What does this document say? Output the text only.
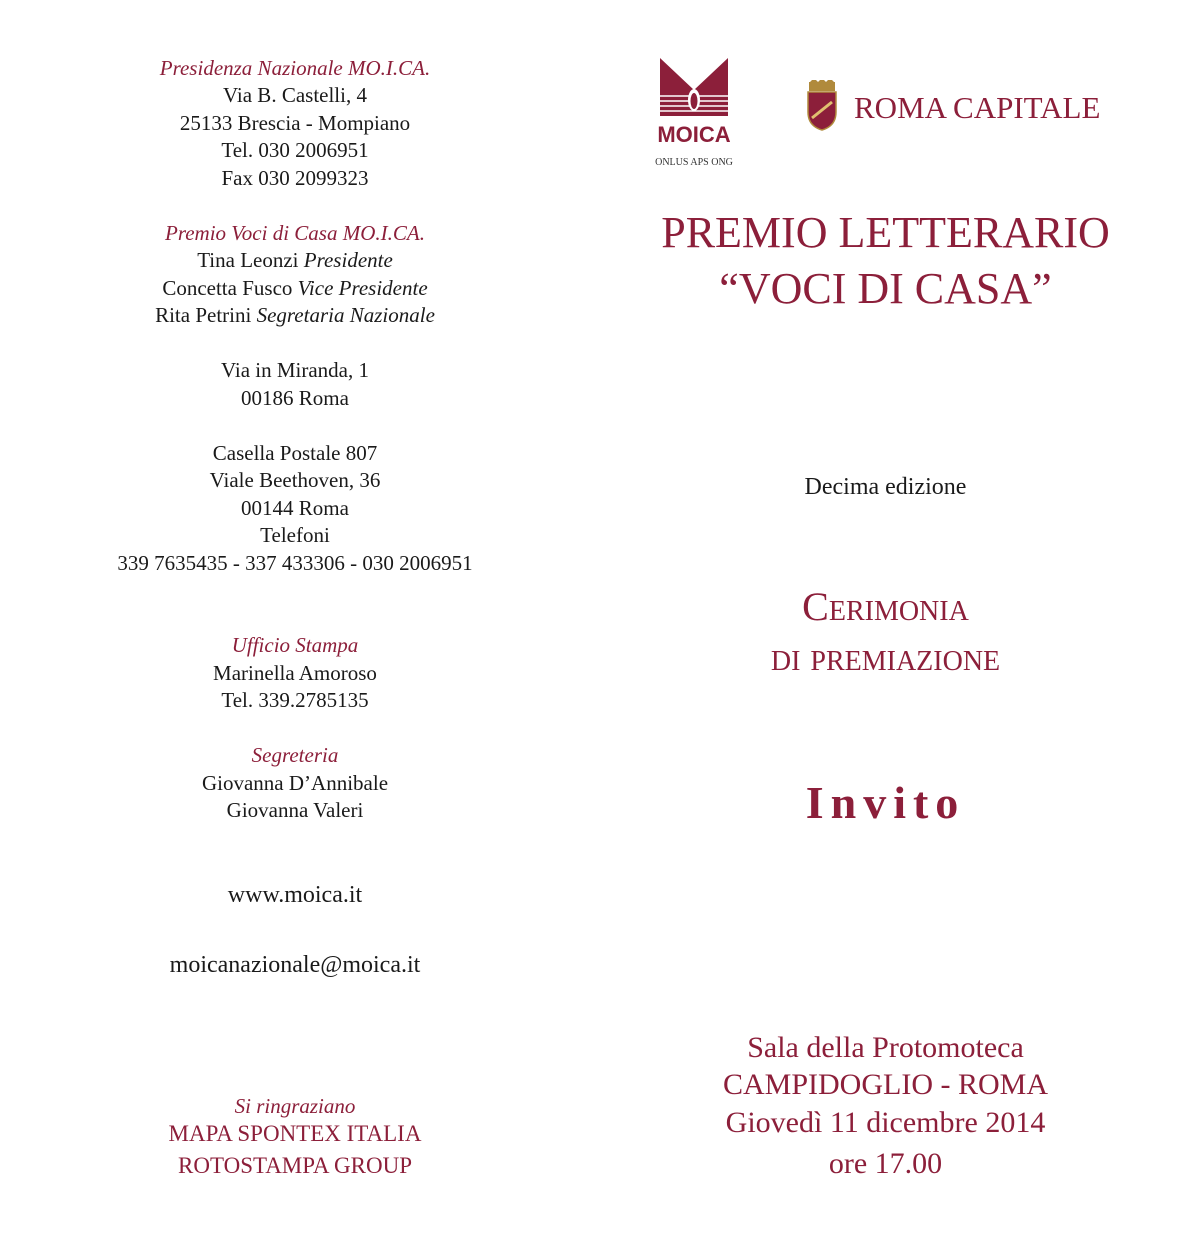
Presidenza Nazionale MO.I.CA.
Via B. Castelli, 4
25133 Brescia - Mompiano
Tel. 030 2006951
Fax 030 2099323
Premio Voci di Casa MO.I.CA.
Tina Leonzi Presidente
Concetta Fusco Vice Presidente
Rita Petrini Segretaria Nazionale
Via in Miranda, 1
00186 Roma
Casella Postale 807
Viale Beethoven, 36
00144 Roma
Telefoni
339 7635435 - 337 433306 - 030 2006951
Ufficio Stampa
Marinella Amoroso
Tel. 339.2785135
Segreteria
Giovanna D’Annibale
Giovanna Valeri
www.moica.it
moicanazionale@moica.it
Si ringraziano
MAPA SPONTEX ITALIA
ROTOSTAMPA GROUP
MOICA
ONLUS APS ONG
ROMA CAPITALE
PREMIO LETTERARIO
“VOCI DI CASA”
Decima edizione
Cerimonia
di premiazione
Invito
Sala della Protomoteca
CAMPIDOGLIO - ROMA
Giovedì 11 dicembre 2014
ore 17.00
